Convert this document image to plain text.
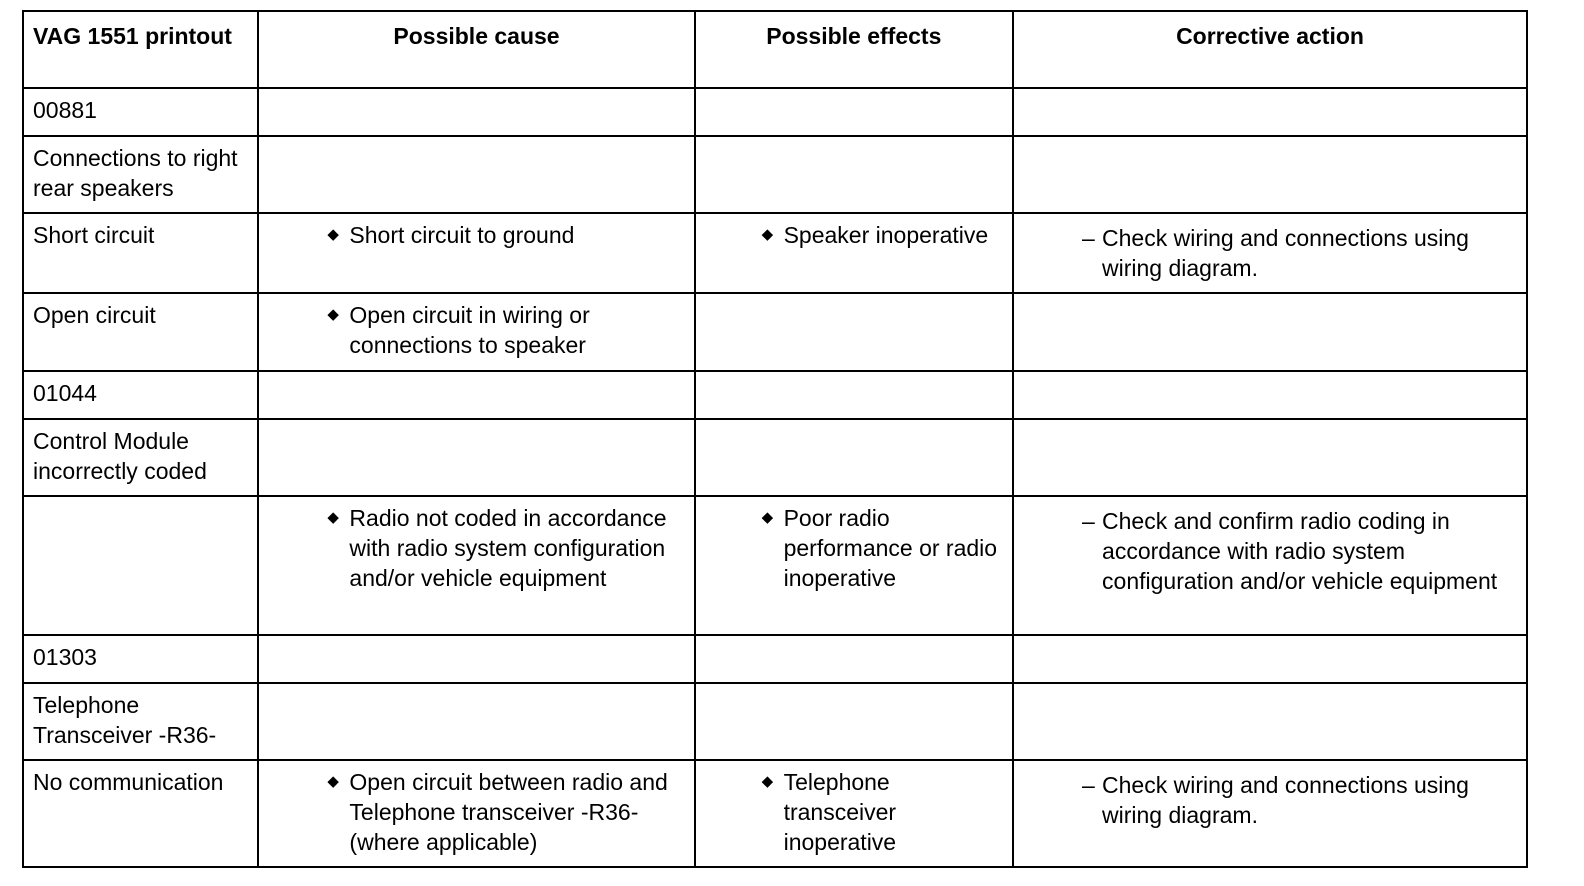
VAG 1551 printout	Possible cause	Possible effects	Corrective action
00881			
Connections to right rear speakers			
Short circuit	◆ Short circuit to ground	◆ Speaker inoperative	– Check wiring and connections using wiring diagram.

Open circuit	◆ Open circuit in wiring or connections to speaker		

01044			
Control Module incorrectly coded			

	◆ Radio not coded in accordance with radio system configuration and/or vehicle equipment	◆ Poor radio performance or radio inoperative	– Check and confirm radio coding in accordance with radio system configuration and/or vehicle equipment

01303			
Telephone Transceiver -R36-			
No communication	◆ Open circuit between radio and Telephone transceiver -R36- (where applicable)	◆ Telephone transceiver inoperative	– Check wiring and connections using wiring diagram.
